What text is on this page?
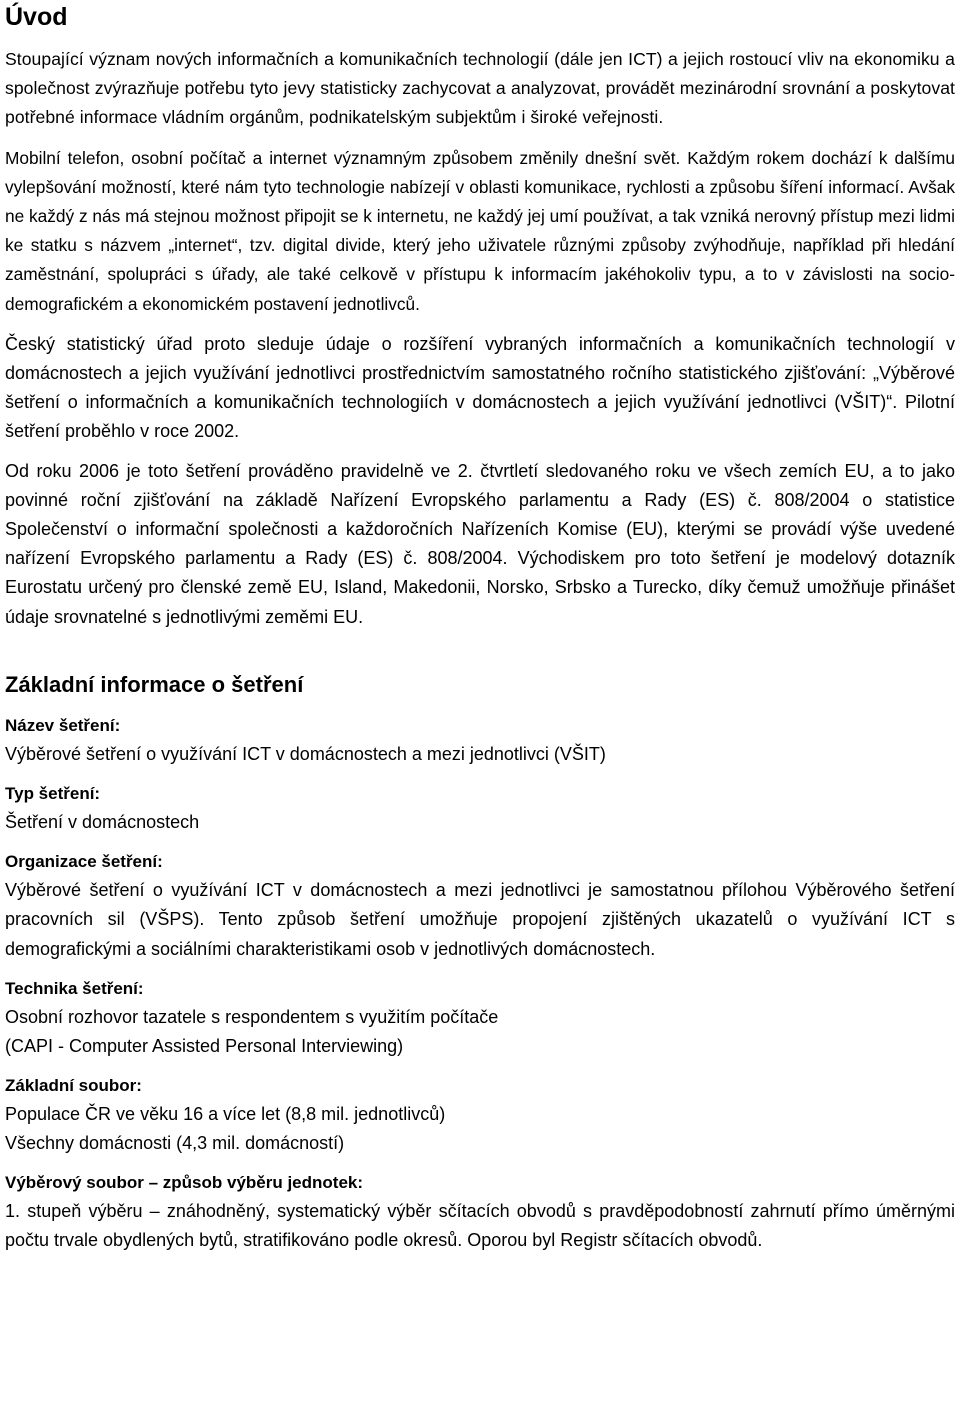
Úvod

Stoupající význam nových informačních a komunikačních technologií (dále jen ICT) a jejich rostoucí vliv na ekonomiku a společnost zvýrazňuje potřebu tyto jevy statisticky zachycovat a analyzovat, provádět mezinárodní srovnání a poskytovat potřebné informace vládním orgánům, podnikatelským subjektům i široké veřejnosti.

Mobilní telefon, osobní počítač a internet významným způsobem změnily dnešní svět. Každým rokem dochází k dalšímu vylepšování možností, které nám tyto technologie nabízejí v oblasti komunikace, rychlosti a způsobu šíření informací. Avšak ne každý z nás má stejnou možnost připojit se k internetu, ne každý jej umí používat, a tak vzniká nerovný přístup mezi lidmi ke statku s názvem „internet“, tzv. digital divide, který jeho uživatele různými způsoby zvýhodňuje, například při hledání zaměstnání, spolupráci s úřady, ale také celkově v přístupu k informacím jakéhokoliv typu, a to v závislosti na socio-demografickém a ekonomickém postavení jednotlivců.

Český statistický úřad proto sleduje údaje o rozšíření vybraných informačních a komunikačních technologií v domácnostech a jejich využívání jednotlivci prostřednictvím samostatného ročního statistického zjišťování: „Výběrové šetření o informačních a komunikačních technologiích v domácnostech a jejich využívání jednotlivci (VŠIT)“. Pilotní šetření proběhlo v roce 2002.

Od roku 2006 je toto šetření prováděno pravidelně ve 2. čtvrtletí sledovaného roku ve všech zemích EU, a to jako povinné roční zjišťování na základě Nařízení Evropského parlamentu a Rady (ES) č. 808/2004 o statistice Společenství o informační společnosti a každoročních Nařízeních Komise (EU), kterými se provádí výše uvedené nařízení Evropského parlamentu a Rady (ES) č. 808/2004. Východiskem pro toto šetření je modelový dotazník Eurostatu určený pro členské země EU, Island, Makedonii, Norsko, Srbsko a Turecko, díky čemuž umožňuje přinášet údaje srovnatelné s jednotlivými zeměmi EU.

Základní informace o šetření
Název šetření:

Výběrové šetření o využívání ICT v domácnostech a mezi jednotlivci (VŠIT)

Typ šetření:

Šetření v domácnostech

Organizace šetření:

Výběrové šetření o využívání ICT v domácnostech a mezi jednotlivci je samostatnou přílohou Výběrového šetření pracovních sil (VŠPS). Tento způsob šetření umožňuje propojení zjištěných ukazatelů o využívání ICT s demografickými a sociálními charakteristikami osob v jednotlivých domácnostech.

Technika šetření:
Osobní rozhovor tazatele s respondentem s využitím počítače
(CAPI - Computer Assisted Personal Interviewing)
Základní soubor:
Populace ČR ve věku 16 a více let (8,8 mil. jednotlivců)
Všechny domácnosti (4,3 mil. domácností)
Výběrový soubor – způsob výběru jednotek:

1. stupeň výběru – znáhodněný, systematický výběr sčítacích obvodů s pravděpodobností zahrnutí přímo úměrnými počtu trvale obydlených bytů, stratifikováno podle okresů. Oporou byl Registr sčítacích obvodů.
